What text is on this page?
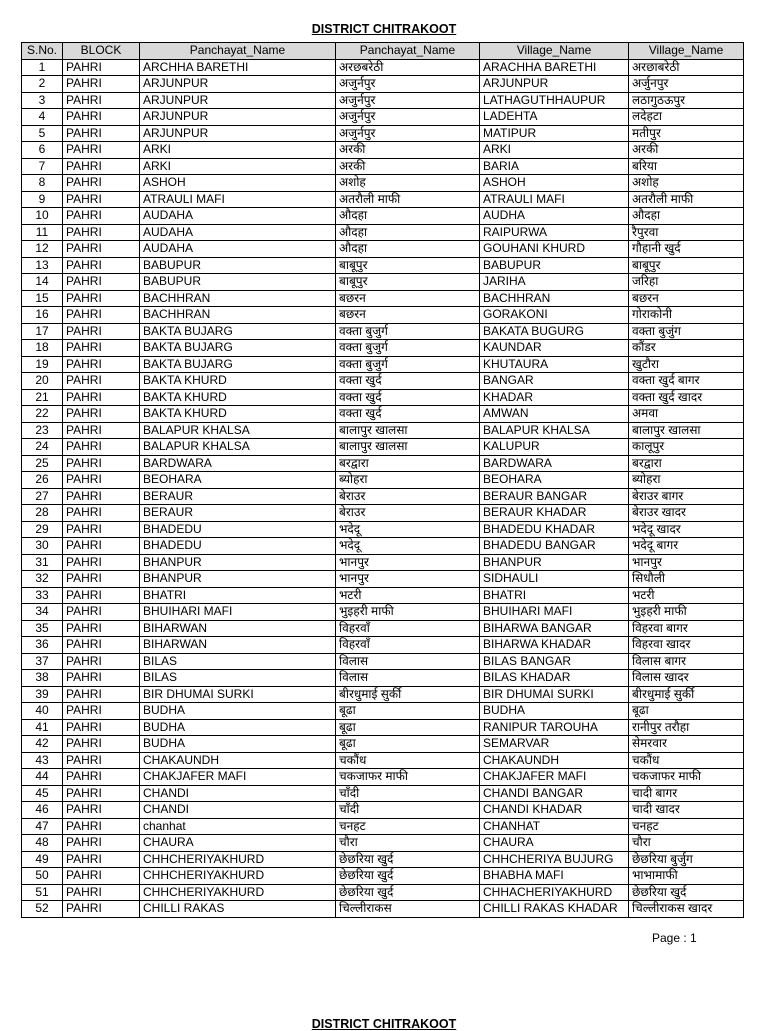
DISTRICT CHITRAKOOT
S.No.	BLOCK	Panchayat_Name	Panchayat_Name	Village_Name	Village_Name
1	PAHRI	ARCHHA BARETHI	अरछबरेठी	ARACHHA BARETHI	अरछाबरेठी
2	PAHRI	ARJUNPUR	अजुर्नपुर	ARJUNPUR	अर्जुनपुर
3	PAHRI	ARJUNPUR	अजुर्नपुर	LATHAGUTHHAUPUR	लठागुठऊपुर
4	PAHRI	ARJUNPUR	अजुर्नपुर	LADEHTA	लदेहटा
5	PAHRI	ARJUNPUR	अजुर्नपुर	MATIPUR	मतीपुर
6	PAHRI	ARKI	अरकी	ARKI	अरकी
7	PAHRI	ARKI	अरकी	BARIA	बरिया
8	PAHRI	ASHOH	अशोह	ASHOH	अशोह
9	PAHRI	ATRAULI MAFI	अतरौली माफी	ATRAULI MAFI	अतरौली माफी
10	PAHRI	AUDAHA	औदहा	AUDHA	औदहा
11	PAHRI	AUDAHA	औदहा	RAIPURWA	रैपुरवा
12	PAHRI	AUDAHA	औदहा	GOUHANI KHURD	गौहानी खुर्द
13	PAHRI	BABUPUR	बाबूपुर	BABUPUR	बाबूपुर
14	PAHRI	BABUPUR	बाबूपुर	JARIHA	जरिहा
15	PAHRI	BACHHRAN	बछरन	BACHHRAN	बछरन
16	PAHRI	BACHHRAN	बछरन	GORAKONI	गोराकोनी
17	PAHRI	BAKTA BUJARG	वक्ता बुजुर्ग	BAKATA BUGURG	वक्ता बुजुंग
18	PAHRI	BAKTA BUJARG	वक्ता बुजुर्ग	KAUNDAR	कौंडर
19	PAHRI	BAKTA BUJARG	वक्ता बुजुर्ग	KHUTAURA	खुटौरा
20	PAHRI	BAKTA KHURD	वक्ता खुर्द	BANGAR	वक्ता खुर्द बागर
21	PAHRI	BAKTA KHURD	वक्ता खुर्द	KHADAR	वक्ता खुर्द खादर
22	PAHRI	BAKTA KHURD	वक्ता खुर्द	AMWAN	अमवा
23	PAHRI	BALAPUR KHALSA	बालापुर खालसा	BALAPUR KHALSA	बालापुर खालसा
24	PAHRI	BALAPUR KHALSA	बालापुर खालसा	KALUPUR	कालूपुर
25	PAHRI	BARDWARA	बरद्वारा	BARDWARA	बरद्वारा
26	PAHRI	BEOHARA	ब्योहरा	BEOHARA	ब्योहरा
27	PAHRI	BERAUR	बेराउर	BERAUR BANGAR	बेराउर बागर
28	PAHRI	BERAUR	बेराउर	BERAUR KHADAR	बेराउर खादर
29	PAHRI	BHADEDU	भदेदू	BHADEDU KHADAR	भदेदू खादर
30	PAHRI	BHADEDU	भदेदू	BHADEDU BANGAR	भदेदू बागर
31	PAHRI	BHANPUR	भानपुर	BHANPUR	भानपुर
32	PAHRI	BHANPUR	भानपुर	SIDHAULI	सिधौली
33	PAHRI	BHATRI	भटरी	BHATRI	भटरी
34	PAHRI	BHUIHARI MAFI	भुइहरी माफी	BHUIHARI MAFI	भुइहरी माफी
35	PAHRI	BIHARWAN	विहरवाँ	BIHARWA BANGAR	विहरवा बागर
36	PAHRI	BIHARWAN	विहरवाँ	BIHARWA KHADAR	विहरवा खादर
37	PAHRI	BILAS	विलास	BILAS BANGAR	विलास बागर
38	PAHRI	BILAS	विलास	BILAS KHADAR	विलास खादर
39	PAHRI	BIR DHUMAI SURKI	बीरधुमाई सुर्की	BIR DHUMAI SURKI	बीरधुमाई सुर्की
40	PAHRI	BUDHA	बूढा	BUDHA	बूढा
41	PAHRI	BUDHA	बूढा	RANIPUR TAROUHA	रानीपुर तरौहा
42	PAHRI	BUDHA	बूढा	SEMARVAR	सेमरवार
43	PAHRI	CHAKAUNDH	चकौंध	CHAKAUNDH	चकौंध
44	PAHRI	CHAKJAFER MAFI	चकजाफर माफी	CHAKJAFER MAFI	चकजाफर माफी
45	PAHRI	CHANDI	चाँदी	CHANDI BANGAR	चादी बागर
46	PAHRI	CHANDI	चाँदी	CHANDI KHADAR	चादी खादर
47	PAHRI	chanhat	चनहट	CHANHAT	चनहट
48	PAHRI	CHAURA	चौरा	CHAURA	चौरा
49	PAHRI	CHHCHERIYAKHURD	छेछरिया खुर्द	CHHCHERIYA BUJURG	छेछरिया बुर्जुग
50	PAHRI	CHHCHERIYAKHURD	छेछरिया खुर्द	BHABHA MAFI	भाभामाफी
51	PAHRI	CHHCHERIYAKHURD	छेछरिया खुर्द	CHHACHERIYAKHURD	छेछरिया खुर्द
52	PAHRI	CHILLI RAKAS	चिल्लीराकस	CHILLI RAKAS KHADAR	चिल्लीराकस खादर
Page : 1
DISTRICT CHITRAKOOT
